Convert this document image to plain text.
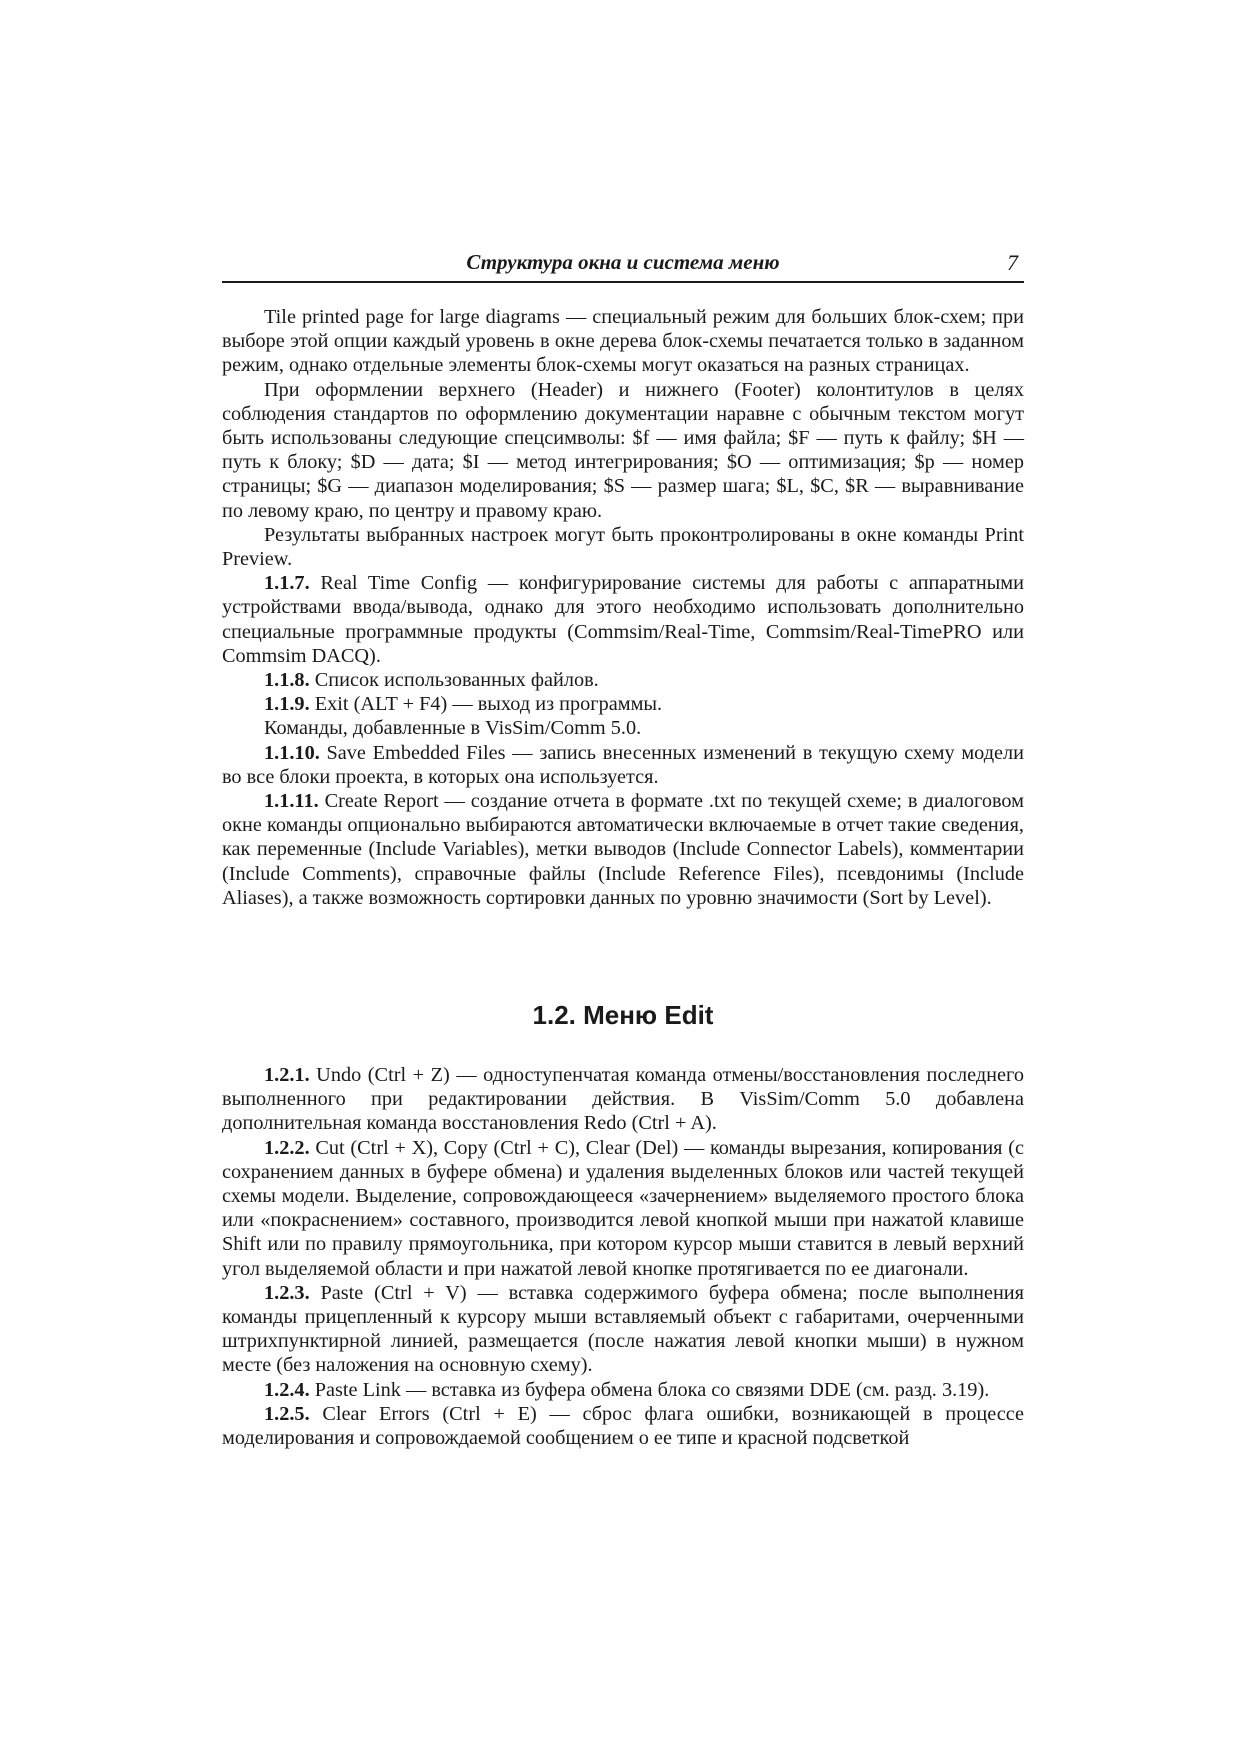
Структура окна и система меню	7

Tile printed page for large diagrams — специальный режим для больших блок-схем; при выборе этой опции каждый уровень в окне дерева блок-схемы печатается только в заданном режим, однако отдельные элементы блок-схемы могут оказаться на разных страницах.

При оформлении верхнего (Header) и нижнего (Footer) колонтитулов в целях соблюдения стандартов по оформлению документации наравне с обычным текстом могут быть использованы следующие спецсимволы: $f — имя файла; $F — путь к файлу; $H — путь к блоку; $D — дата; $I — метод интегрирования; $O — оптимизация; $p — номер страницы; $G — диапазон моделирования; $S — размер шага; $L, $C, $R — выравнивание по левому краю, по центру и правому краю.

Результаты выбранных настроек могут быть проконтролированы в окне команды Print Preview.

1.1.7. Real Time Config — конфигурирование системы для работы с аппаратными устройствами ввода/вывода, однако для этого необходимо использовать дополнительно специальные программные продукты (Commsim/Real-Time, Commsim/Real-TimePRO или Commsim DACQ).

1.1.8. Список использованных файлов.

1.1.9. Exit (ALT + F4) — выход из программы.

Команды, добавленные в VisSim/Comm 5.0.

1.1.10. Save Embedded Files — запись внесенных изменений в текущую схему модели во все блоки проекта, в которых она используется.

1.1.11. Create Report — создание отчета в формате .txt по текущей схеме; в диалоговом окне команды опционально выбираются автоматически включаемые в отчет такие сведения, как переменные (Include Variables), метки выводов (Include Connector Labels), комментарии (Include Comments), справочные файлы (Include Reference Files), псевдонимы (Include Aliases), а также возможность сортировки данных по уровню значимости (Sort by Level).

1.2. Меню Edit

1.2.1. Undo (Ctrl + Z) — одноступенчатая команда отмены/восстановления последнего выполненного при редактировании действия. В VisSim/Comm 5.0 добавлена дополнительная команда восстановления Redo (Ctrl + A).

1.2.2. Cut (Ctrl + X), Copy (Ctrl + C), Clear (Del) — команды вырезания, копирования (с сохранением данных в буфере обмена) и удаления выделенных блоков или частей текущей схемы модели. Выделение, сопровождающееся «зачернением» выделяемого простого блока или «покраснением» составного, производится левой кнопкой мыши при нажатой клавише Shift или по правилу прямоугольника, при котором курсор мыши ставится в левый верхний угол выделяемой области и при нажатой левой кнопке протягивается по ее диагонали.

1.2.3. Paste (Ctrl + V) — вставка содержимого буфера обмена; после выполнения команды прицепленный к курсору мыши вставляемый объект с габаритами, очерченными штрихпунктирной линией, размещается (после нажатия левой кнопки мыши) в нужном месте (без наложения на основную схему).

1.2.4. Paste Link — вставка из буфера обмена блока со связями DDE (см. разд. 3.19).

1.2.5. Clear Errors (Ctrl + E) — сброс флага ошибки, возникающей в процессе моделирования и сопровождаемой сообщением о ее типе и красной подсветкой
